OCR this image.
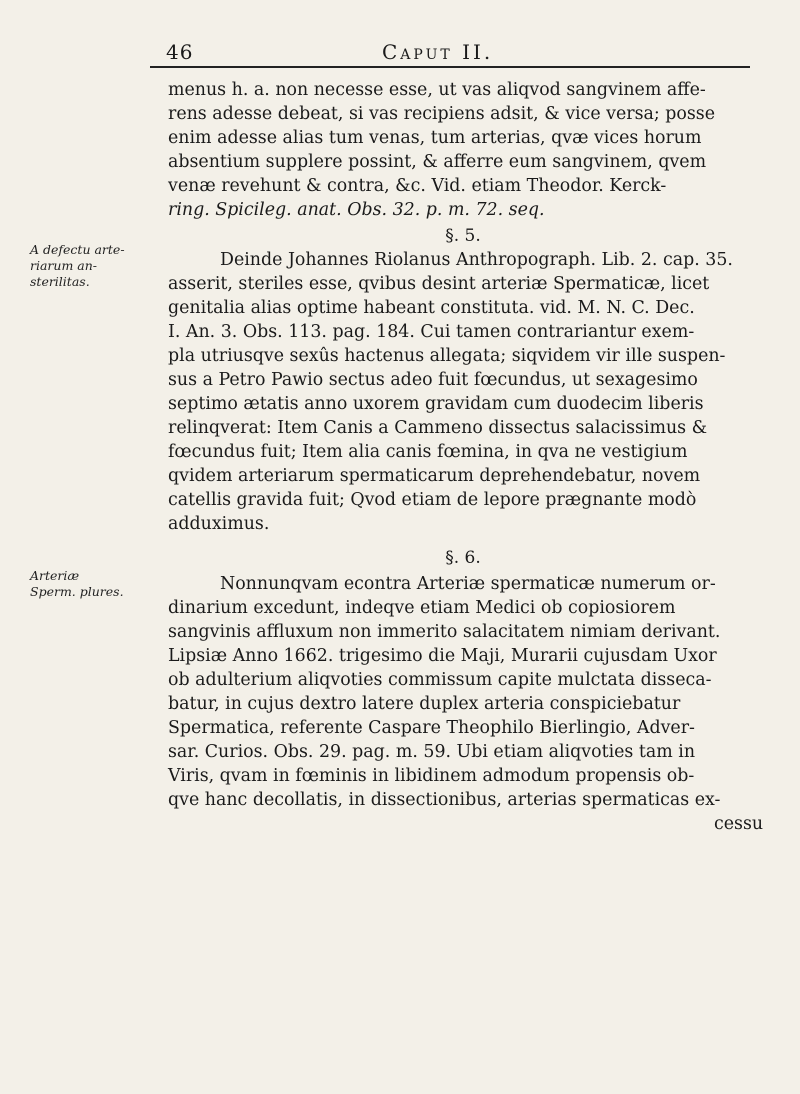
46	Caput II.
menus h. a. non necesse esse, ut vas aliqvod sangvinem affe-
rens adesse debeat, si vas recipiens adsit, & vice versa; posse
enim adesse alias tum venas, tum arterias, qvæ vices horum
absentium supplere possint, & afferre eum sangvinem, qvem
venæ revehunt & contra, &c. Vid. etiam Theodor. Kerck-
ring. Spicileg. anat. Obs. 32. p. m. 72. seq.
§. 5.
Deinde Johannes Riolanus Anthropograph. Lib. 2. cap. 35.
asserit, steriles esse, qvibus desint arteriæ Spermaticæ, licet
genitalia alias optime habeant constituta. vid. M. N. C. Dec.
I. An. 3. Obs. 113. pag. 184. Cui tamen contrariantur exem-
pla utriusqve sexûs hactenus allegata; siqvidem vir ille suspen-
sus a Petro Pawio sectus adeo fuit fœcundus, ut sexagesimo
septimo ætatis anno uxorem gravidam cum duodecim liberis
relinqverat: Item Canis a Cammeno dissectus salacissimus &
fœcundus fuit; Item alia canis fœmina, in qva ne vestigium
qvidem arteriarum spermaticarum deprehendebatur, novem
catellis gravida fuit; Qvod etiam de lepore prægnante modò
adduximus.
§. 6.
Nonnunqvam econtra Arteriæ spermaticæ numerum or-
dinarium excedunt, indeqve etiam Medici ob copiosiorem
sangvinis affluxum non immerito salacitatem nimiam derivant.
Lipsiæ Anno 1662. trigesimo die Maji, Murarii cujusdam Uxor
ob adulterium aliqvoties commissum capite mulctata disseca-
batur, in cujus dextro latere duplex arteria conspiciebatur
Spermatica, referente Caspare Theophilo Bierlingio, Adver-
sar. Curios. Obs. 29. pag. m. 59. Ubi etiam aliqvoties tam in
Viris, qvam in fœminis in libidinem admodum propensis ob-
qve hanc decollatis, in dissectionibus, arterias spermaticas ex-
A defectu arte-
riarum an-
sterilitas.
Arteriæ
Sperm. plures.
cessu
